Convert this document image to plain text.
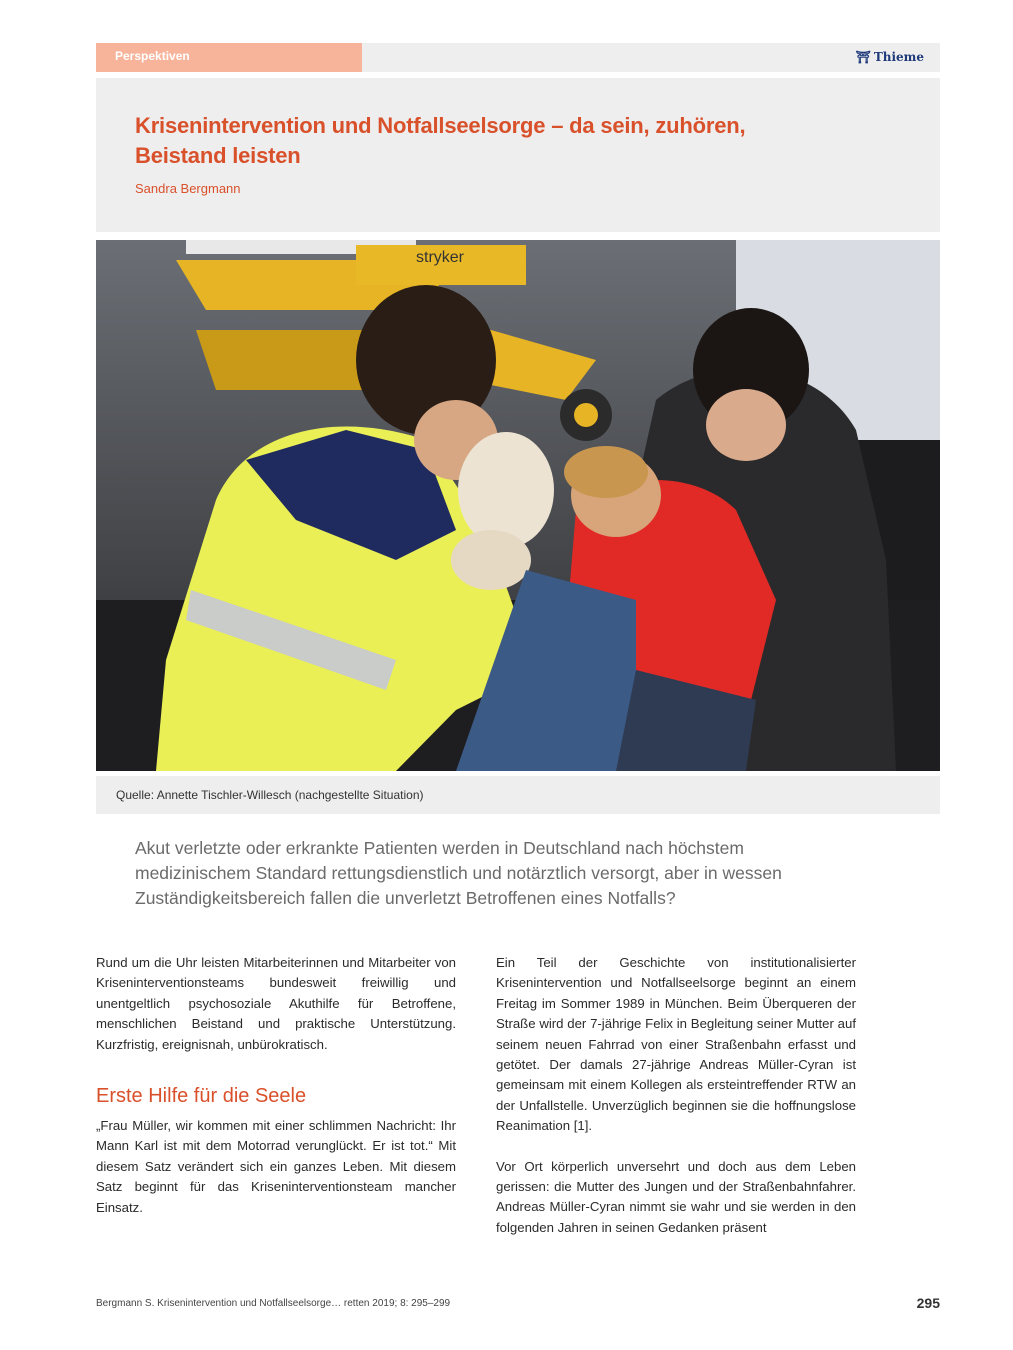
Perspektiven	⛩ Thieme
Krisenintervention und Notfallseelsorge – da sein, zuhören, Beistand leisten
Sandra Bergmann
stryker
Quelle: Annette Tischler-Willesch (nachgestellte Situation)

Akut verletzte oder erkrankte Patienten werden in Deutschland nach höchstem medizinischem Standard rettungsdienstlich und notärztlich versorgt, aber in wessen Zuständigkeitsbereich fallen die unverletzt Betroffenen eines Notfalls?

Rund um die Uhr leisten Mitarbeiterinnen und Mitarbeiter von Kriseninterventionsteams bundesweit freiwillig und unentgeltlich psychosoziale Akuthilfe für Betroffene, menschlichen Beistand und praktische Unterstützung. Kurzfristig, ereignisnah, unbürokratisch.

Erste Hilfe für die Seele

„Frau Müller, wir kommen mit einer schlimmen Nachricht: Ihr Mann Karl ist mit dem Motorrad verunglückt. Er ist tot.“ Mit diesem Satz verändert sich ein ganzes Leben. Mit diesem Satz beginnt für das Kriseninterventionsteam mancher Einsatz.

Ein Teil der Geschichte von institutionalisierter Krisenintervention und Notfallseelsorge beginnt an einem Freitag im Sommer 1989 in München. Beim Überqueren der Straße wird der 7-jährige Felix in Begleitung seiner Mutter auf seinem neuen Fahrrad von einer Straßenbahn erfasst und getötet. Der damals 27-jährige Andreas Müller-Cyran ist gemeinsam mit einem Kollegen als ersteintreffender RTW an der Unfallstelle. Unverzüglich beginnen sie die hoffnungslose Reanimation [1].

Vor Ort körperlich unversehrt und doch aus dem Leben gerissen: die Mutter des Jungen und der Straßenbahnfahrer. Andreas Müller-Cyran nimmt sie wahr und sie werden in den folgenden Jahren in seinen Gedanken präsent

Bergmann S. Krisenintervention und Notfallseelsorge… retten 2019; 8: 295–299	295
